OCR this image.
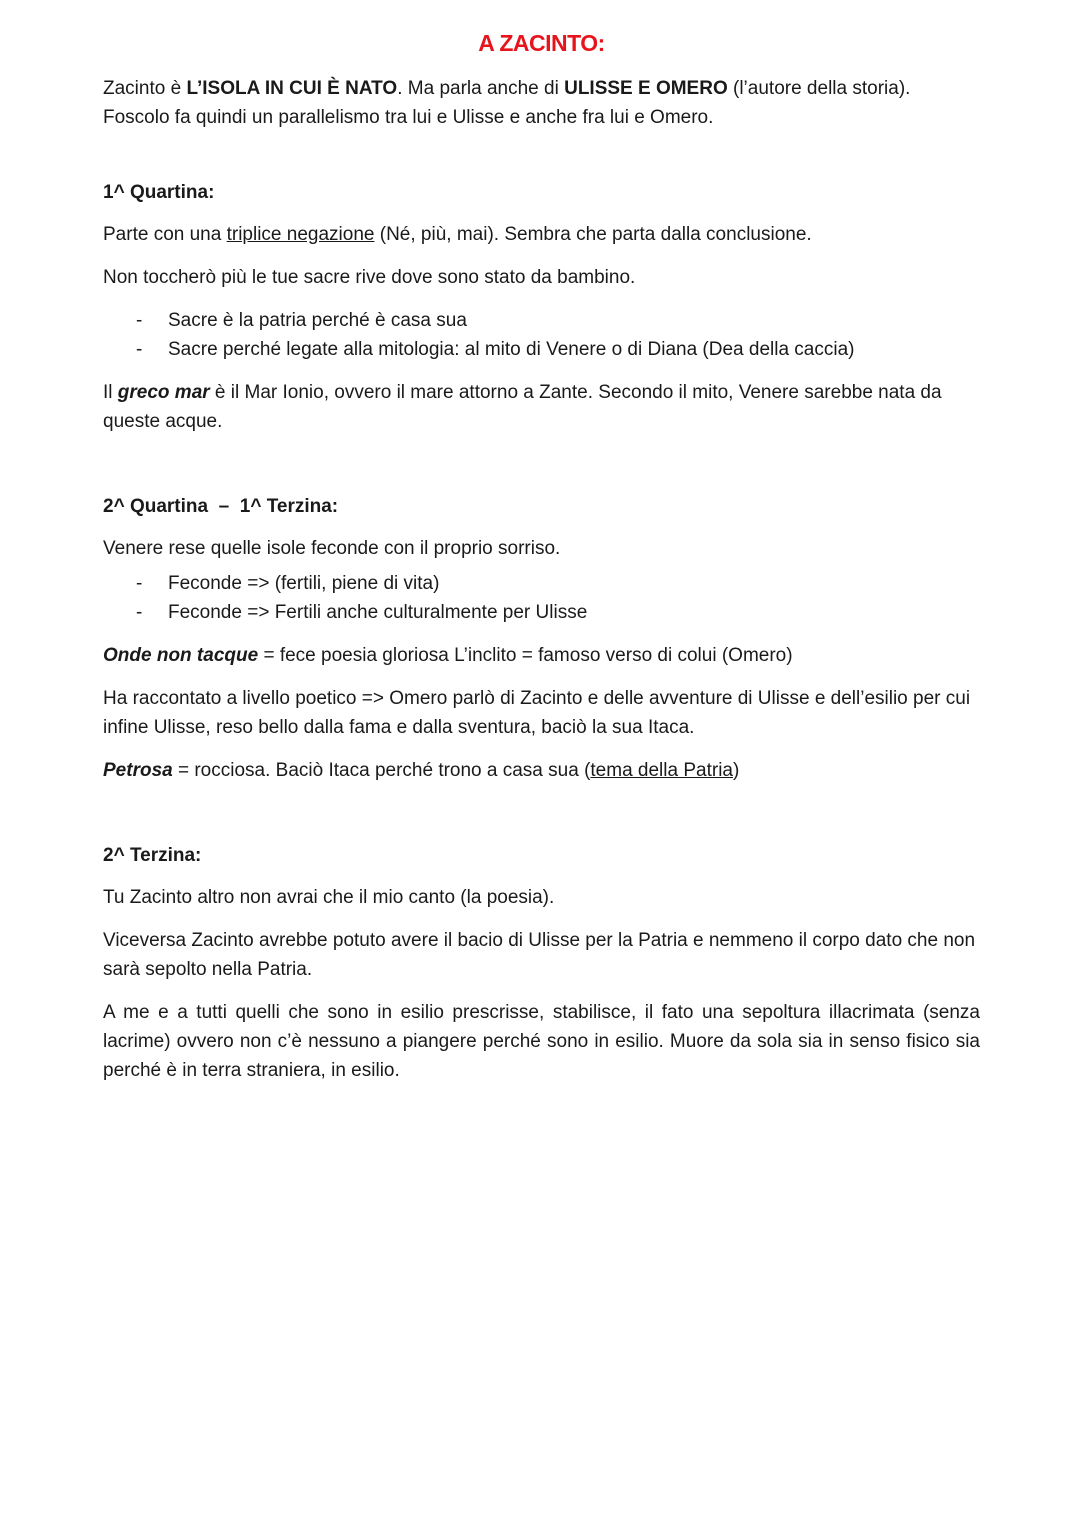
A ZACINTO:

Zacinto è L’ISOLA IN CUI È NATO. Ma parla anche di ULISSE E OMERO (l’autore della storia). Foscolo fa quindi un parallelismo tra lui e Ulisse e anche fra lui e Omero.

1^ Quartina:

Parte con una triplice negazione (Né, più, mai). Sembra che parta dalla conclusione.

Non toccherò più le tue sacre rive dove sono stato da bambino.

- Sacre è la patria perché è casa sua
- Sacre perché legate alla mitologia: al mito di Venere o di Diana (Dea della caccia)

Il greco mar è il Mar Ionio, ovvero il mare attorno a Zante. Secondo il mito, Venere sarebbe nata da queste acque.

2^ Quartina  –  1^ Terzina:

Venere rese quelle isole feconde con il proprio sorriso.

- Feconde => (fertili, piene di vita)
- Feconde => Fertili anche culturalmente per Ulisse

Onde non tacque = fece poesia gloriosa L’inclito = famoso verso di colui (Omero)

Ha raccontato a livello poetico => Omero parlò di Zacinto e delle avventure di Ulisse e dell’esilio per cui infine Ulisse, reso bello dalla fama e dalla sventura, baciò la sua Itaca.

Petrosa = rocciosa. Baciò Itaca perché trono a casa sua (tema della Patria)

2^ Terzina:

Tu Zacinto altro non avrai che il mio canto (la poesia).

Viceversa Zacinto avrebbe potuto avere il bacio di Ulisse per la Patria e nemmeno il corpo dato che non sarà sepolto nella Patria.

A me e a tutti quelli che sono in esilio prescrisse, stabilisce, il fato una sepoltura illacrimata (senza lacrime) ovvero non c’è nessuno a piangere perché sono in esilio. Muore da sola sia in senso fisico sia perché è in terra straniera, in esilio.
